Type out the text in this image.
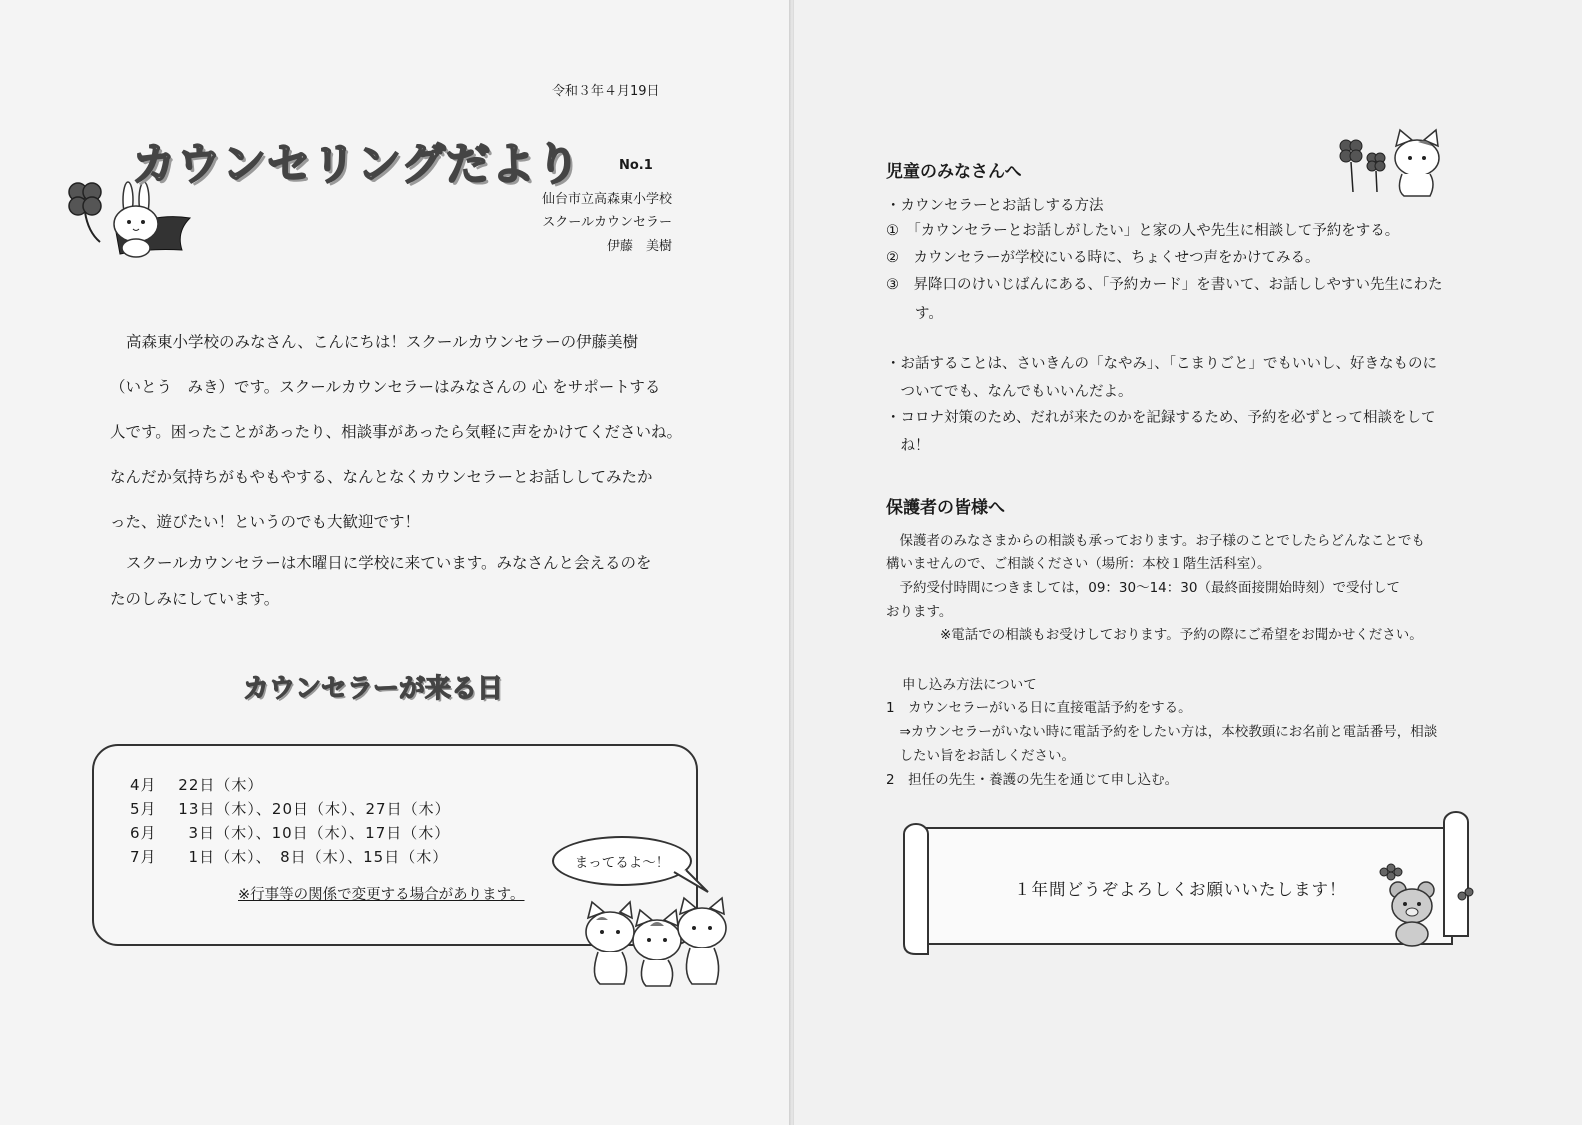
令和３年４月19日
カウンセリングだより	No.1
仙台市立高森東小学校
スクールカウンセラー
伊藤　美樹
高森東小学校のみなさん、こんにちは！スクールカウンセラーの伊藤美樹
（いとう　みき）です。スクールカウンセラーはみなさんの 心 をサポートする
人です。困ったことがあったり、相談事があったら気軽に声をかけてくださいね。
なんだか気持ちがもやもやする、なんとなくカウンセラーとお話ししてみたか
った、遊びたい！というのでも大歓迎です！
スクールカウンセラーは木曜日に学校に来ています。みなさんと会えるのを
たのしみにしています。
カウンセラーが来る日
4月　 22日（木）
5月　 13日（木）、20日（木）、27日（木）
6月　　3日（木）、10日（木）、17日（木）
7月　　1日（木）、　8日（木）、15日（木）
※行事等の関係で変更する場合があります。
まってるよ～！
児童のみなさんへ
・カウンセラーとお話しする方法
①　「カウンセラーとお話しがしたい」と家の人や先生に相談して予約をする。
②　カウンセラーが学校にいる時に、ちょくせつ声をかけてみる。
③　昇降口のけいじばんにある、「予約カード」を書いて、お話ししやすい先生にわた
　　す。
・お話することは、さいきんの「なやみ」、「こまりごと」でもいいし、好きなものに
　ついてでも、なんでもいいんだよ。
・コロナ対策のため、だれが来たのかを記録するため、予約を必ずとって相談をして
　ね！
保護者の皆様へ
　保護者のみなさまからの相談も承っております。お子様のことでしたらどんなことでも
構いませんので、ご相談ください（場所：本校１階生活科室）。
　予約受付時間につきましては，09：30～14：30（最終面接開始時刻）で受付して
おります。
　　　　※電話での相談もお受けしております。予約の際にご希望をお聞かせください。
申し込み方法について
1　カウンセラーがいる日に直接電話予約をする。
　⇒カウンセラーがいない時に電話予約をしたい方は，本校教頭にお名前と電話番号，相談
　したい旨をお話しください。
2　担任の先生・養護の先生を通じて申し込む。
１年間どうぞよろしくお願いいたします！
